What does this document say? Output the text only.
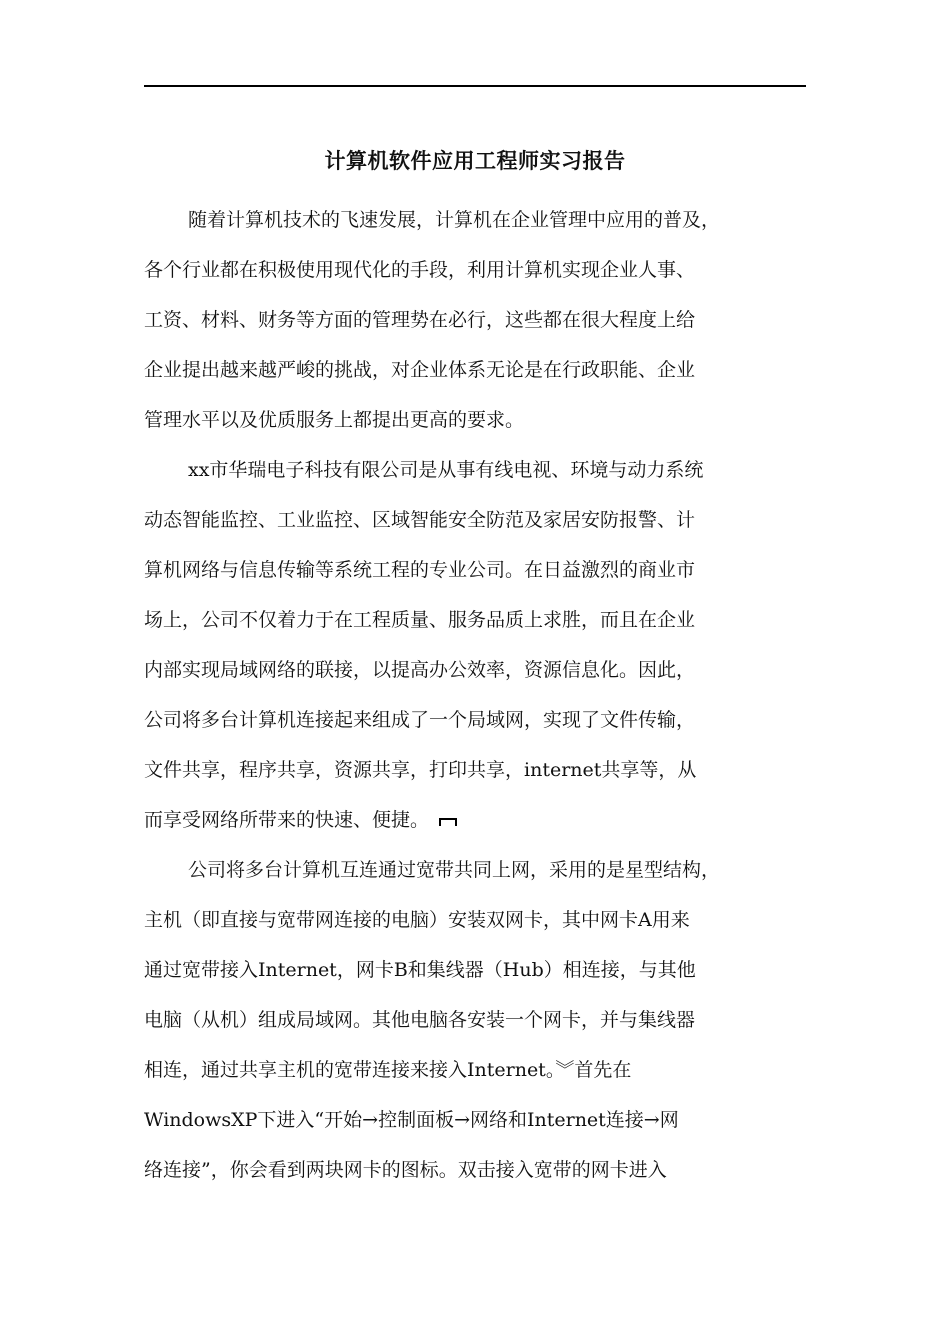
计算机软件应用工程师实习报告
随着计算机技术的飞速发展，计算机在企业管理中应用的普及，
各个行业都在积极使用现代化的手段，利用计算机实现企业人事、
工资、材料、财务等方面的管理势在必行，这些都在很大程度上给
企业提出越来越严峻的挑战，对企业体系无论是在行政职能、企业
管理水平以及优质服务上都提出更高的要求。
xx市华瑞电子科技有限公司是从事有线电视、环境与动力系统
动态智能监控、工业监控、区域智能安全防范及家居安防报警、计
算机网络与信息传输等系统工程的专业公司。在日益激烈的商业市
场上，公司不仅着力于在工程质量、服务品质上求胜，而且在企业
内部实现局域网络的联接，以提高办公效率，资源信息化。因此，
公司将多台计算机连接起来组成了一个局域网，实现了文件传输，
文件共享，程序共享，资源共享，打印共享，internet共享等，从
而享受网络所带来的快速、便捷。
公司将多台计算机互连通过宽带共同上网，采用的是星型结构，
主机（即直接与宽带网连接的电脑）安装双网卡，其中网卡A用来
通过宽带接入Internet，网卡B和集线器（Hub）相连接，与其他
电脑（从机）组成局域网。其他电脑各安装一个网卡，并与集线器
相连，通过共享主机的宽带连接来接入Internet。︾首先在
WindowsXP下进入“开始→控制面板→网络和Internet连接→网
络连接”，你会看到两块网卡的图标。双击接入宽带的网卡进入
